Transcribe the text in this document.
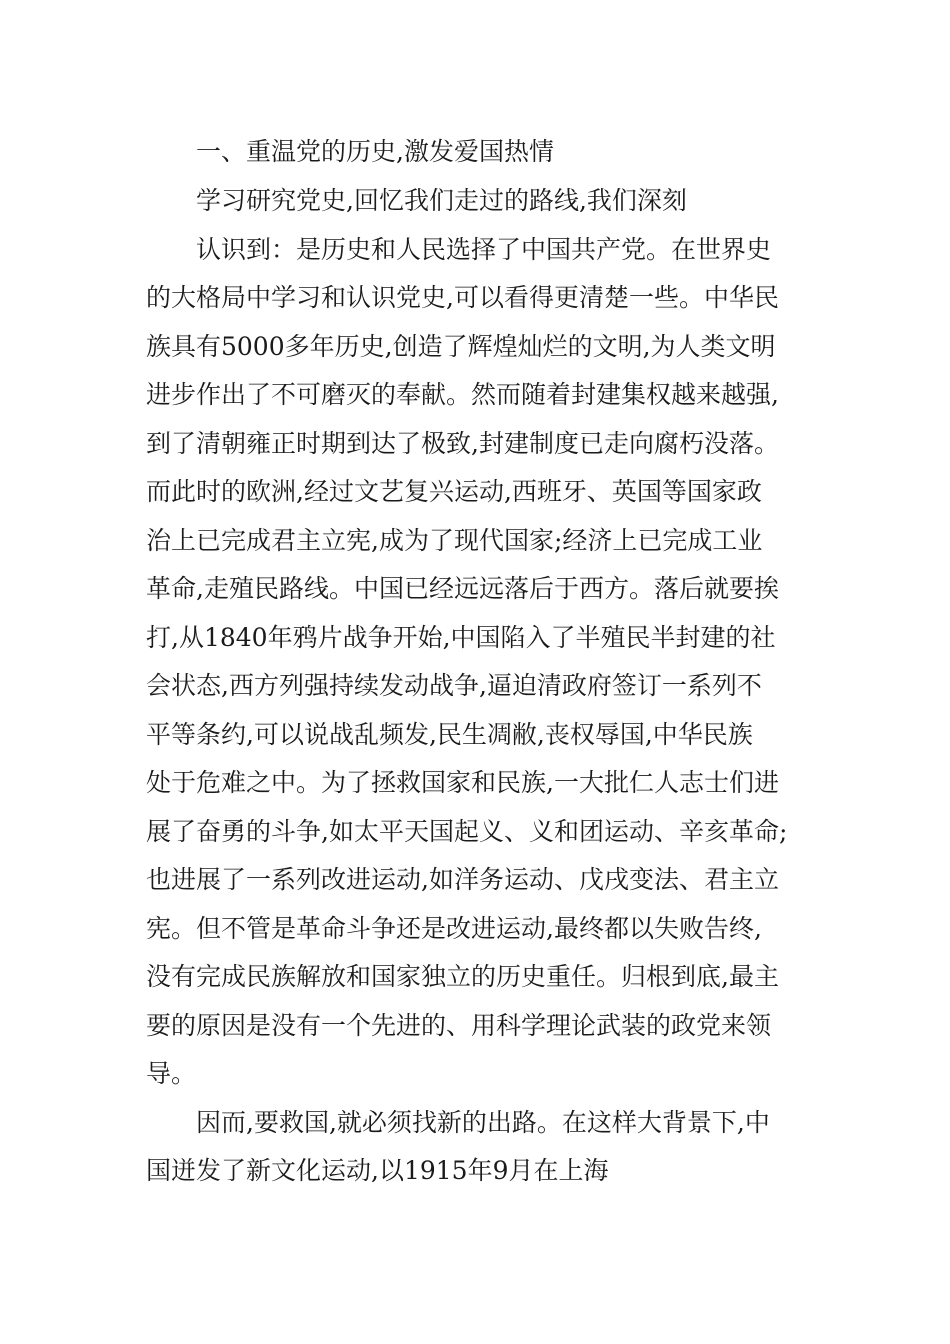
一、重温党的历史,激发爱国热情
学习研究党史,回忆我们走过的路线,我们深刻
认识到：是历史和人民选择了中国共产党。在世界史
的大格局中学习和认识党史,可以看得更清楚一些。中华民
族具有5000多年历史,创造了辉煌灿烂的文明,为人类文明
进步作出了不可磨灭的奉献。然而随着封建集权越来越强,
到了清朝雍正时期到达了极致,封建制度已走向腐朽没落。
而此时的欧洲,经过文艺复兴运动,西班牙、英国等国家政
治上已完成君主立宪,成为了现代国家;经济上已完成工业
革命,走殖民路线。中国已经远远落后于西方。落后就要挨
打,从1840年鸦片战争开始,中国陷入了半殖民半封建的社
会状态,西方列强持续发动战争,逼迫清政府签订一系列不
平等条约,可以说战乱频发,民生凋敝,丧权辱国,中华民族
处于危难之中。为了拯救国家和民族,一大批仁人志士们进
展了奋勇的斗争,如太平天国起义、义和团运动、辛亥革命;
也进展了一系列改进运动,如洋务运动、戊戌变法、君主立
宪。但不管是革命斗争还是改进运动,最终都以失败告终,
没有完成民族解放和国家独立的历史重任。归根到底,最主
要的原因是没有一个先进的、用科学理论武装的政党来领
导。
因而,要救国,就必须找新的出路。在这样大背景下,中
国迸发了新文化运动,以1915年9月在上海
